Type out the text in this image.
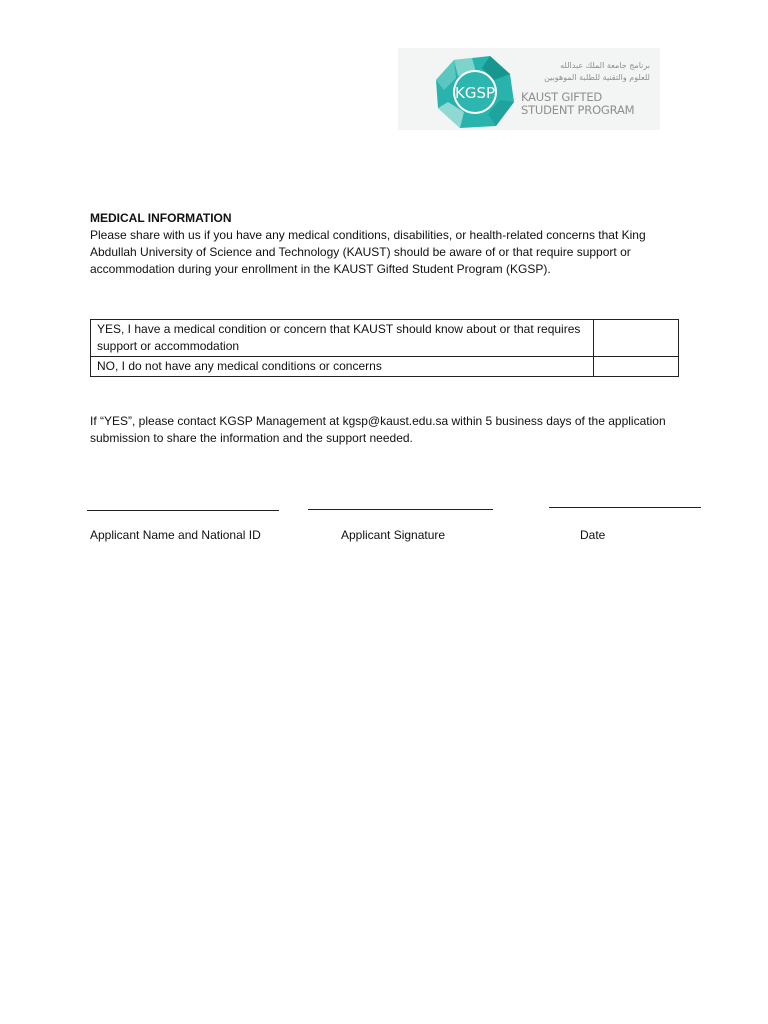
KGSP
برنامج جامعة الملك عبدالله
للعلوم والتقنية للطلبة الموهوبين
KAUST GIFTED
STUDENT PROGRAM

MEDICAL INFORMATION

Please share with us if you have any medical conditions, disabilities, or health-related concerns that King Abdullah University of Science and Technology (KAUST) should be aware of or that require support or accommodation during your enrollment in the KAUST Gifted Student Program (KGSP).

YES, I have a medical condition or concern that KAUST should know about or that requires support or accommodation	
NO, I do not have any medical conditions or concerns	

If “YES”, please contact KGSP Management at kgsp@kaust.edu.sa within 5 business days of the application submission to share the information and the support needed.

Applicant Name and National ID	Applicant Signature	Date
